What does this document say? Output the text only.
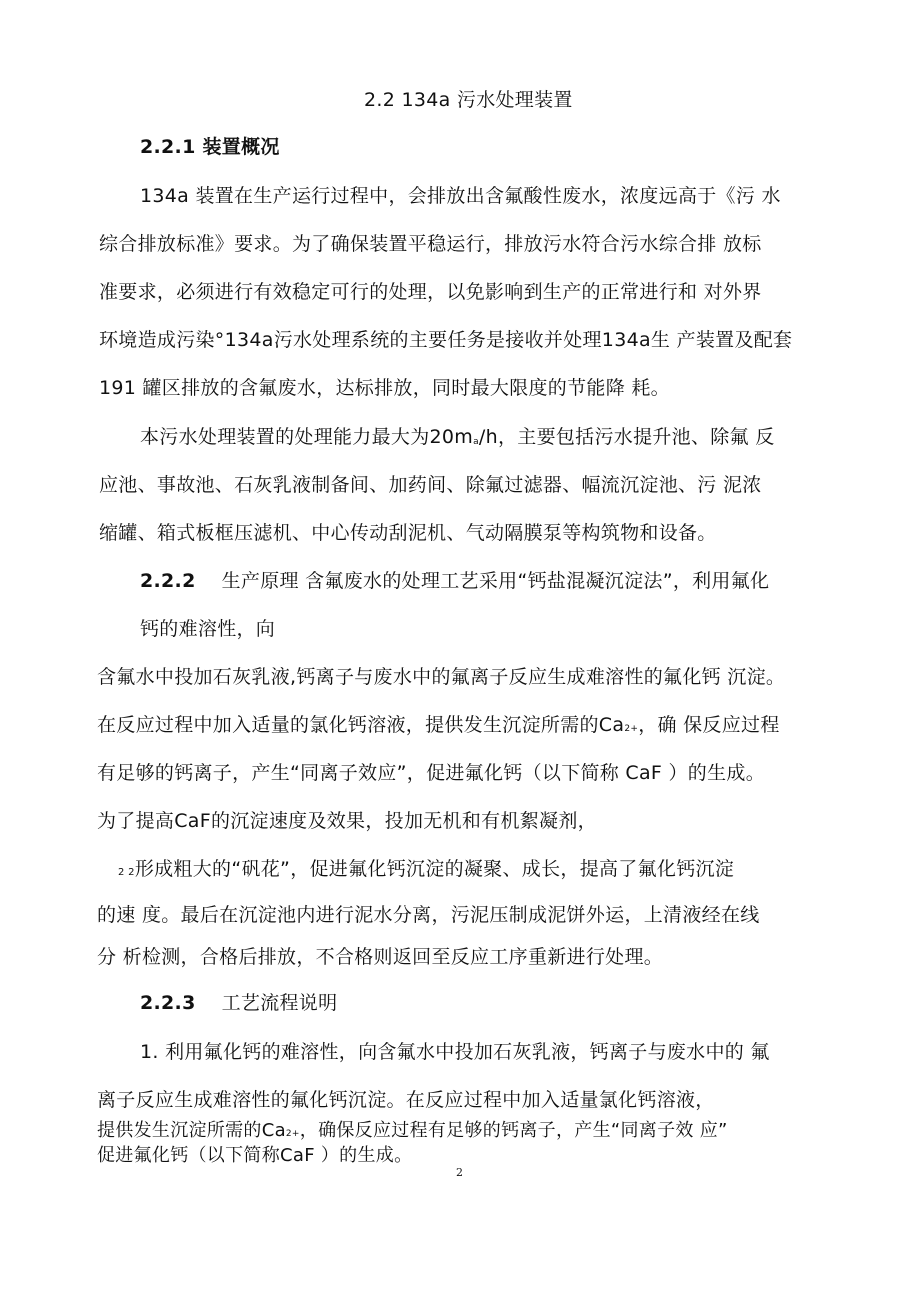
2.2 134a 污水处理装置
2.2.1 装置概况
134a 装置在生产运行过程中，会排放出含氟酸性废水，浓度远高于《污 水
综合排放标准》要求。为了确保装置平稳运行，排放污水符合污水综合排 放标
准要求，必须进行有效稳定可行的处理，以免影响到生产的正常进行和 对外界
环境造成污染°134a污水处理系统的主要任务是接收并处理134a生 产装置及配套
191 罐区排放的含氟废水，达标排放，同时最大限度的节能降 耗。
本污水处理装置的处理能力最大为20ma/h，主要包括污水提升池、除氟 反
应池、事故池、石灰乳液制备间、加药间、除氟过滤器、幅流沉淀池、污 泥浓
缩罐、箱式板框压滤机、中心传动刮泥机、气动隔膜泵等构筑物和设备。
2.2.2 生产原理 含氟废水的处理工艺采用“钙盐混凝沉淀法”，利用氟化
钙的难溶性，向
含氟水中投加石灰乳液,钙离子与废水中的氟离子反应生成难溶性的氟化钙 沉淀。
在反应过程中加入适量的氯化钙溶液，提供发生沉淀所需的Ca2+，确 保反应过程
有足够的钙离子，产生“同离子效应”，促进氟化钙（以下简称 CaF ）的生成。
为了提高CaF的沉淀速度及效果，投加无机和有机絮凝剂，
2 2形成粗大的“矾花”，促进氟化钙沉淀的凝聚、成长，提高了氟化钙沉淀
的速 度。最后在沉淀池内进行泥水分离，污泥压制成泥饼外运，上清液经在线
分 析检测，合格后排放，不合格则返回至反应工序重新进行处理。
2.2.3 工艺流程说明
1. 利用氟化钙的难溶性，向含氟水中投加石灰乳液，钙离子与废水中的 氟
离子反应生成难溶性的氟化钙沉淀。在反应过程中加入适量氯化钙溶液，
提供发生沉淀所需的Ca2+，确保反应过程有足够的钙离子，产生“同离子效 应”
促进氟化钙（以下简称CaF ）的生成。
2
